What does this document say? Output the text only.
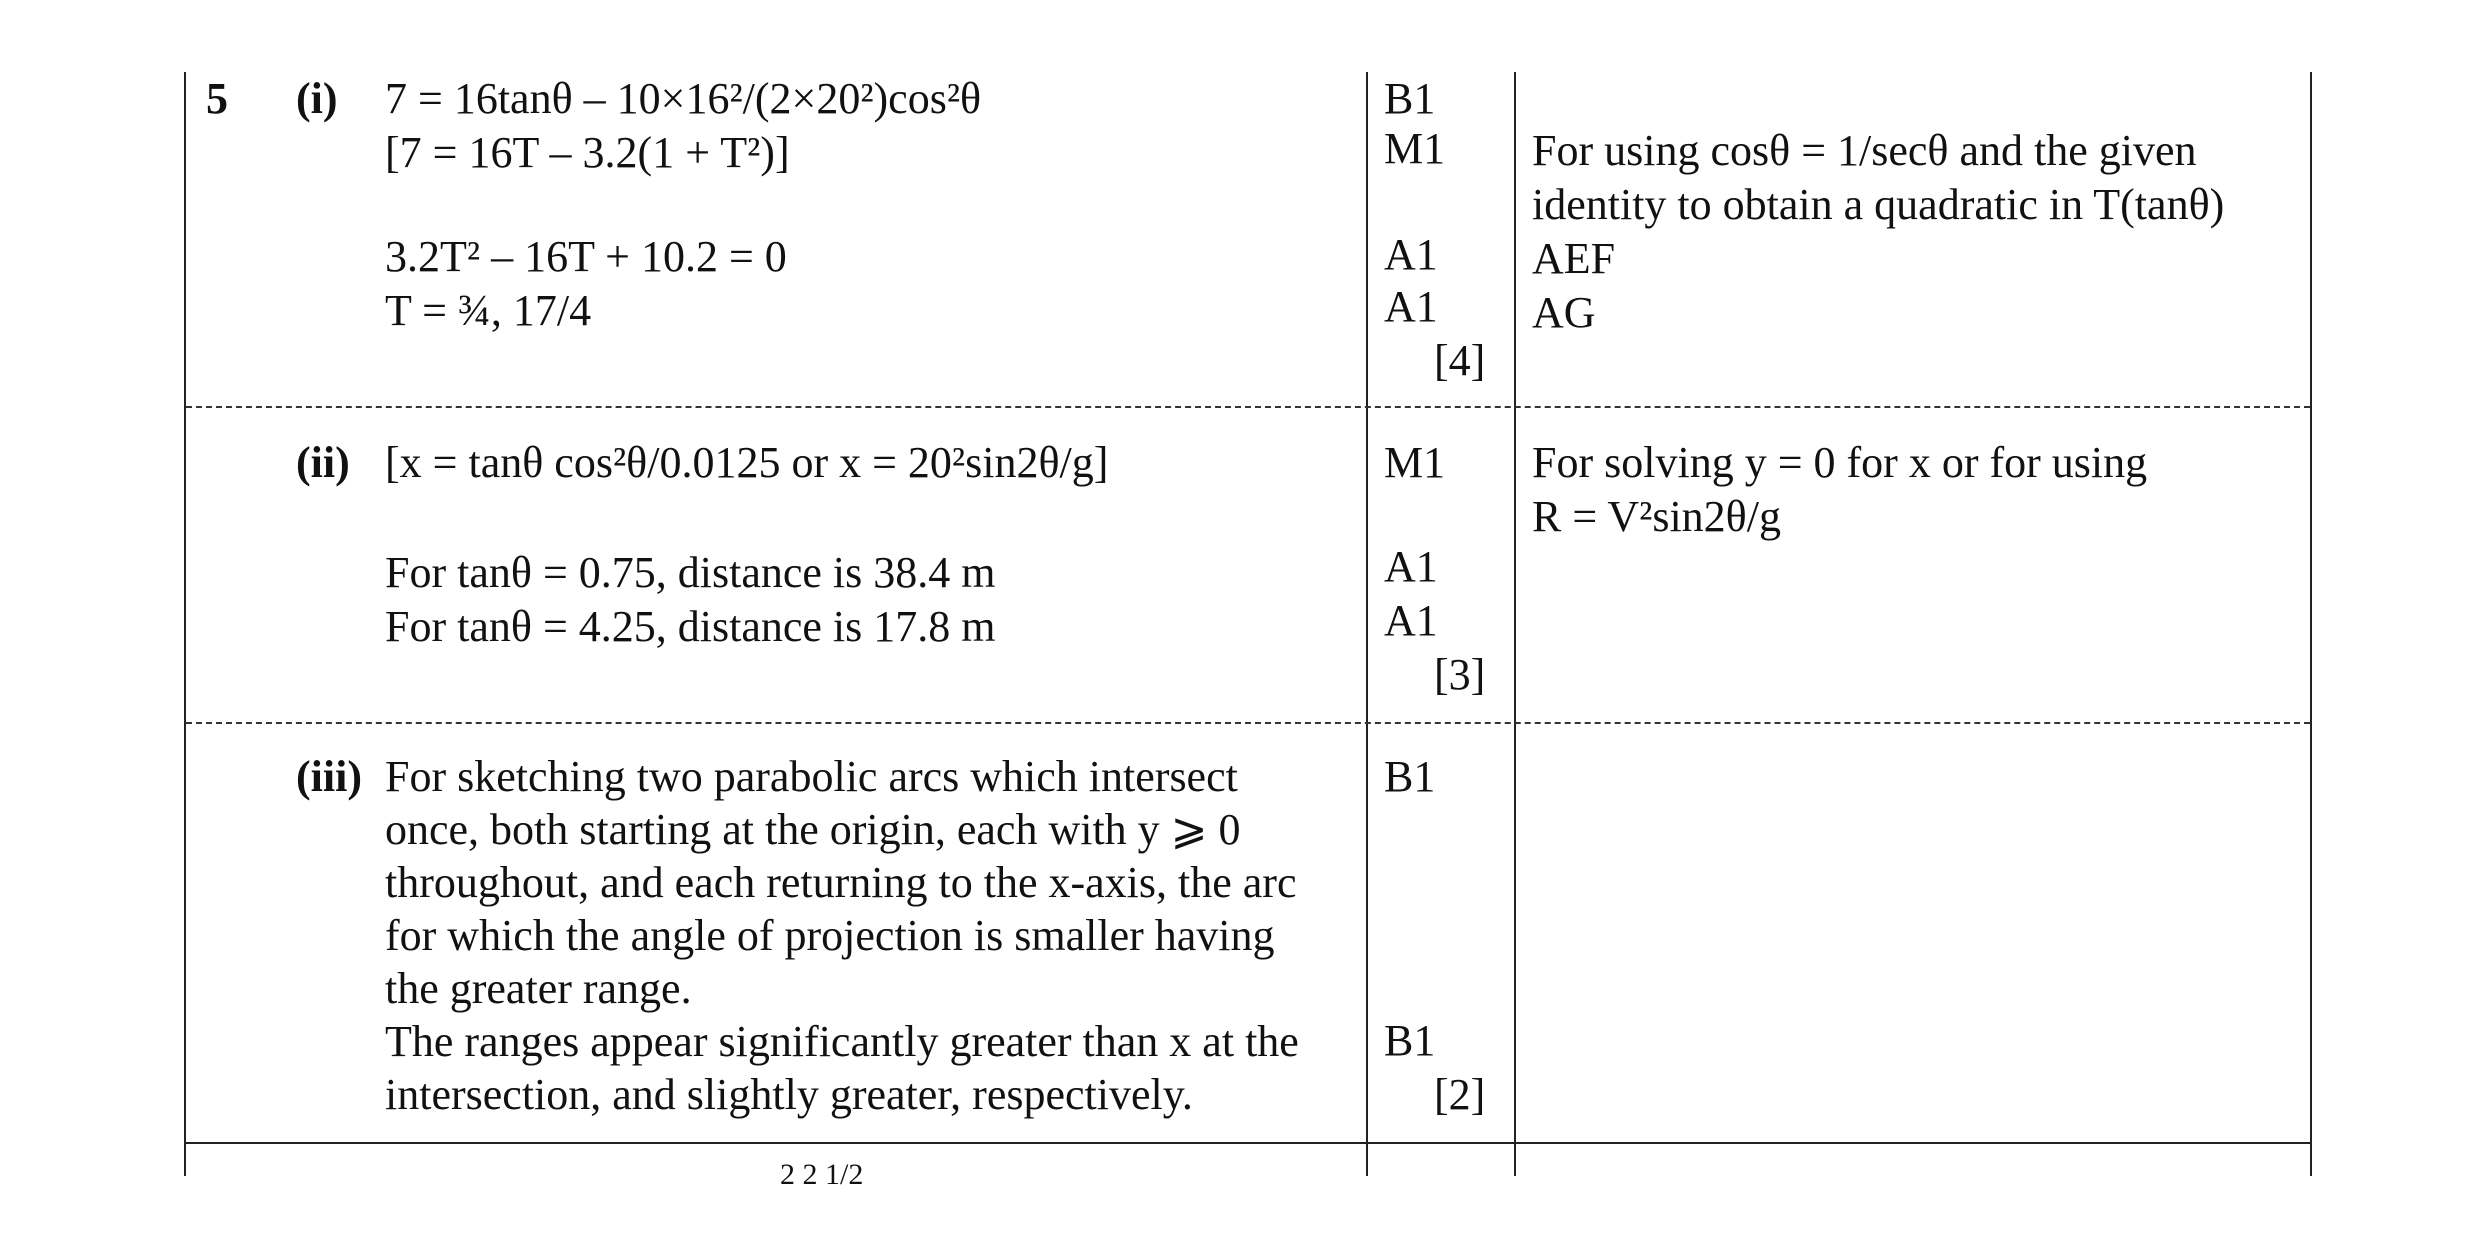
5 (i) 7 = 16tanθ – 10×16²/(2×20²)cos²θ
[7 = 16T – 3.2(1 + T²)]
3.2T² – 16T + 10.2 = 0
T = ¾, 17/4
B1
M1
A1
A1
[4]
For using cosθ = 1/secθ and the given
identity to obtain a quadratic in T(tanθ)
AEF
AG
(ii) [x = tanθ cos²θ/0.0125 or x = 20²sin2θ/g]
For tanθ = 0.75, distance is 38.4 m
For tanθ = 4.25, distance is 17.8 m
M1
A1
A1
[3]
For solving y = 0 for x or for using
R = V²sin2θ/g
(iii) For sketching two parabolic arcs which intersect
once, both starting at the origin, each with y ⩾ 0
throughout, and each returning to the x-axis, the arc
for which the angle of projection is smaller having
the greater range.
The ranges appear significantly greater than x at the
intersection, and slightly greater, respectively.
B1
B1
[2]
2 2 1/2
